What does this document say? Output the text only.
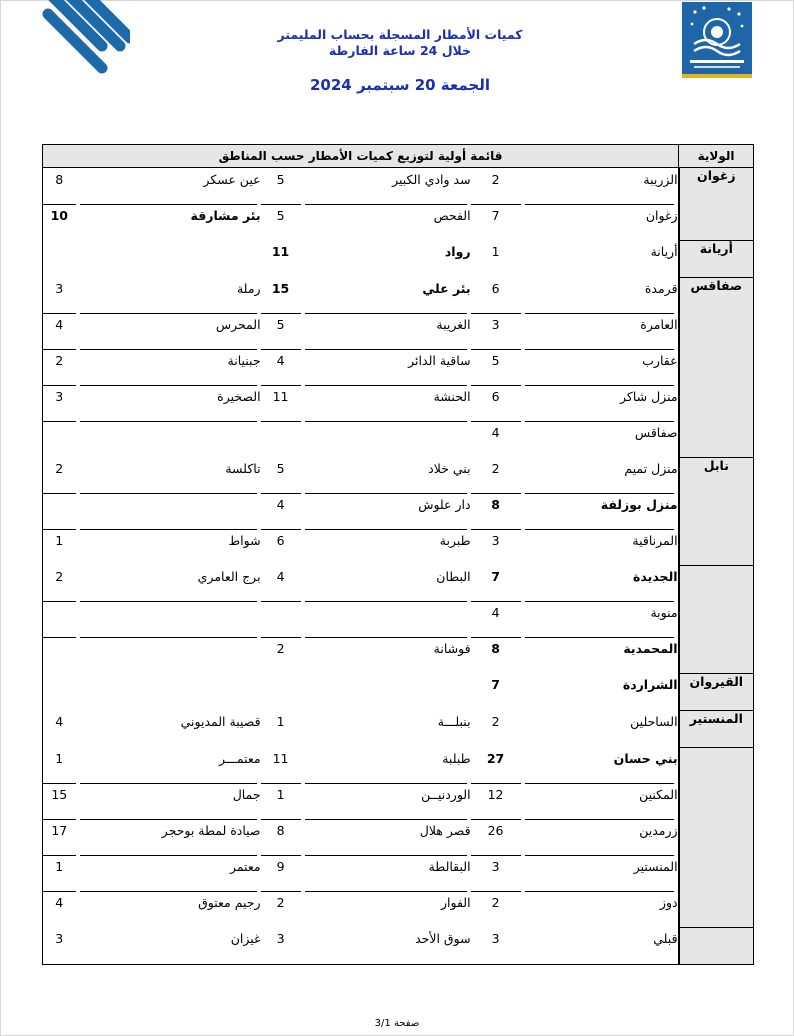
كميات الأمطار المسجلة بحساب المليمتر
خلال 24 ساعة الفارطة
الجمعة 20 سبتمبر 2024
الولاية	قائمة أولية لتوزيع كميات الأمطار حسب المناطق					
زغوان	الزريبة	2	سد وادي الكبير	5	عين عسكر	8

	زغوان	7	الفحص	5	بئر مشارقة	10

أريانة	أريانة	1	رواد	11		

صفاقس	قرمدة	6	بئر علي	15	رملة	3

	العامرة	3	الغريبة	5	المحرس	4

	عقارب	5	ساقية الدائر	4	جبنيانة	2

	منزل شاكر	6	الحنشة	11	الصخيرة	3

	صفاقس	4				

نابل	منزل تميم	2	بني خلاد	5	تاكلسة	2

	منزل بوزلفة	8	دار علوش	4		

	المرناقية	3	طبربة	6	شواط	1

	الجديدة	7	البطان	4	برج العامري	2

	منوبة	4				

	المحمدية	8	فوشانة	2		

القيروان	الشراردة	7				

المنستير	الساحلين	2	بنبلـــة	1	قصيبة المديوني	4

	بني حسان	27	طبلبة	11	معتمـــر	1

	المكنين	12	الوردنيــن	1	جمال	15

	زرمدين	26	قصر هلال	8	صيادة لمطة بوحجر	17

	المنستير	3	البقالطة	9	معتمر	1

	دوز	2	الفوار	2	رجيم معتوق	4

	قبلي	3	سوق الأحد	3	غيزان	3
صفحة 3/1
